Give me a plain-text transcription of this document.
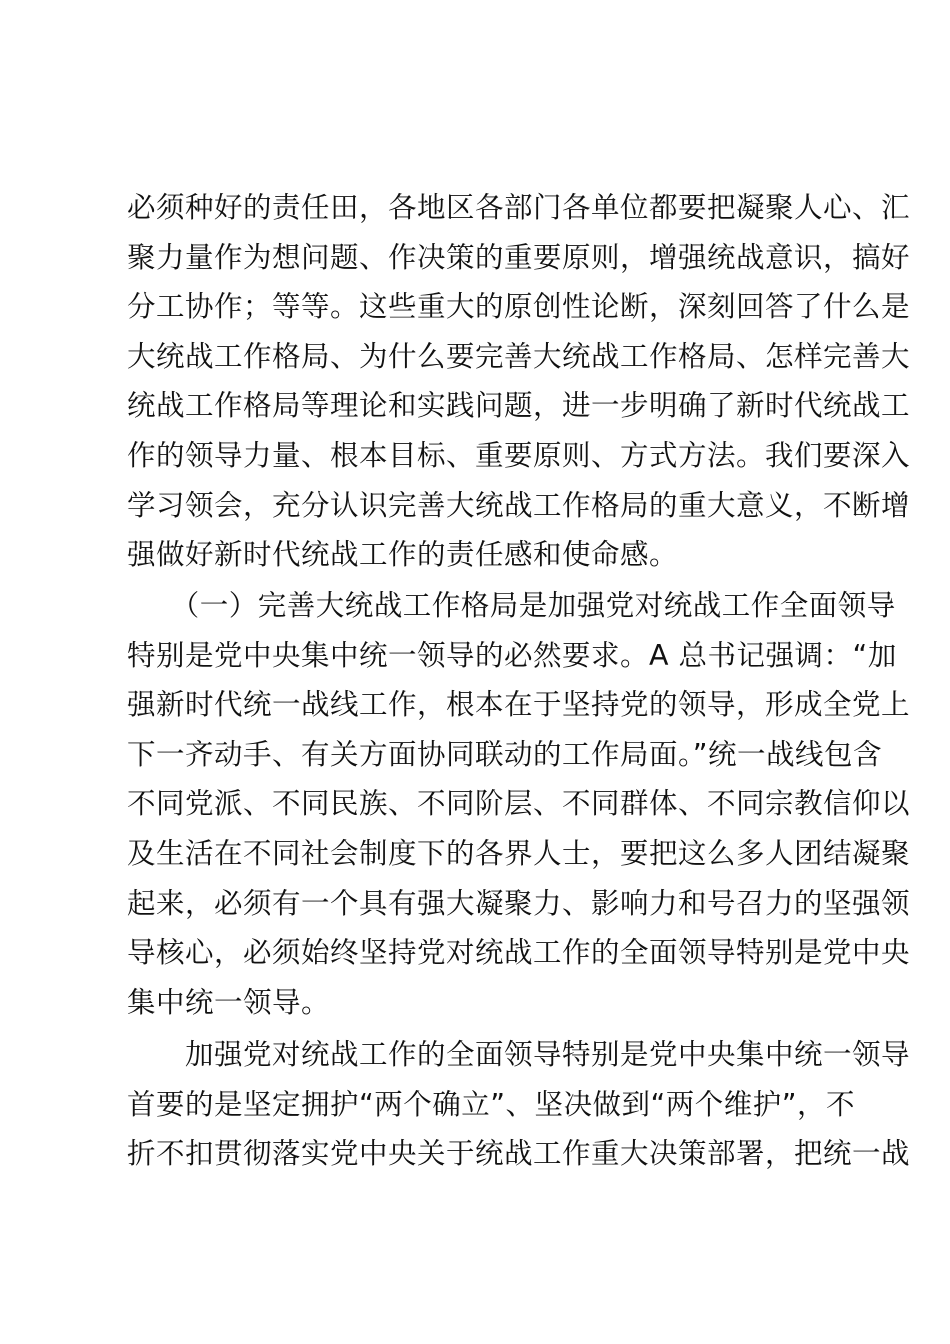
必须种好的责任田，各地区各部门各单位都要把凝聚人心、汇
聚力量作为想问题、作决策的重要原则，增强统战意识，搞好
分工协作；等等。这些重大的原创性论断，深刻回答了什么是
大统战工作格局、为什么要完善大统战工作格局、怎样完善大
统战工作格局等理论和实践问题，进一步明确了新时代统战工
作的领导力量、根本目标、重要原则、方式方法。我们要深入
学习领会，充分认识完善大统战工作格局的重大意义，不断增
强做好新时代统战工作的责任感和使命感。
　　（一）完善大统战工作格局是加强党对统战工作全面领导
特别是党中央集中统一领导的必然要求。A 总书记强调：“加
强新时代统一战线工作，根本在于坚持党的领导，形成全党上
下一齐动手、有关方面协同联动的工作局面。”统一战线包含
不同党派、不同民族、不同阶层、不同群体、不同宗教信仰以
及生活在不同社会制度下的各界人士，要把这么多人团结凝聚
起来，必须有一个具有强大凝聚力、影响力和号召力的坚强领
导核心，必须始终坚持党对统战工作的全面领导特别是党中央
集中统一领导。
　　加强党对统战工作的全面领导特别是党中央集中统一领导
首要的是坚定拥护“两个确立”、坚决做到“两个维护”，不
折不扣贯彻落实党中央关于统战工作重大决策部署，把统一战
